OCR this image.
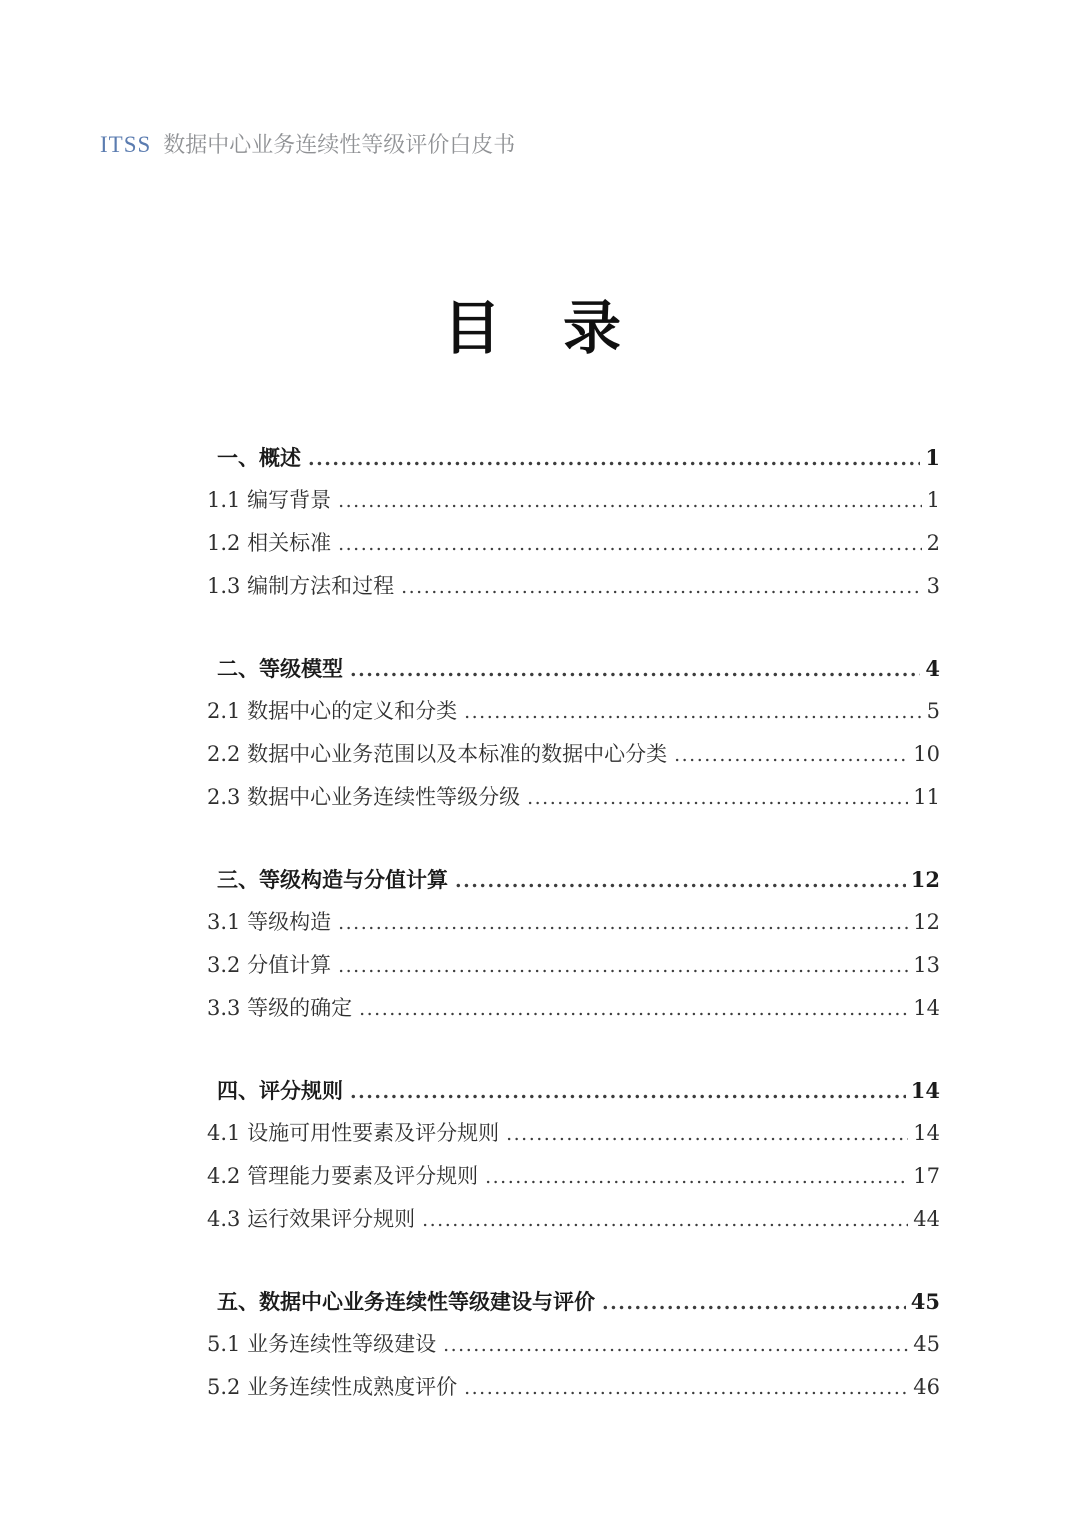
ITSS 数据中心业务连续性等级评价白皮书
目 录
一、概述 .....	1
1.1 编写背景 .....	1
1.2 相关标准 .....	2
1.3 编制方法和过程 .....	3
二、等级模型 .....	4
2.1 数据中心的定义和分类 .....	5
2.2 数据中心业务范围以及本标准的数据中心分类 .....	10
2.3 数据中心业务连续性等级分级 .....	11
三、等级构造与分值计算 .....	12
3.1 等级构造 .....	12
3.2 分值计算 .....	13
3.3 等级的确定 .....	14
四、评分规则 .....	14
4.1 设施可用性要素及评分规则 .....	14
4.2 管理能力要素及评分规则 .....	17
4.3 运行效果评分规则 .....	44
五、数据中心业务连续性等级建设与评价 .....	45
5.1 业务连续性等级建设 .....	45
5.2 业务连续性成熟度评价 .....	46
